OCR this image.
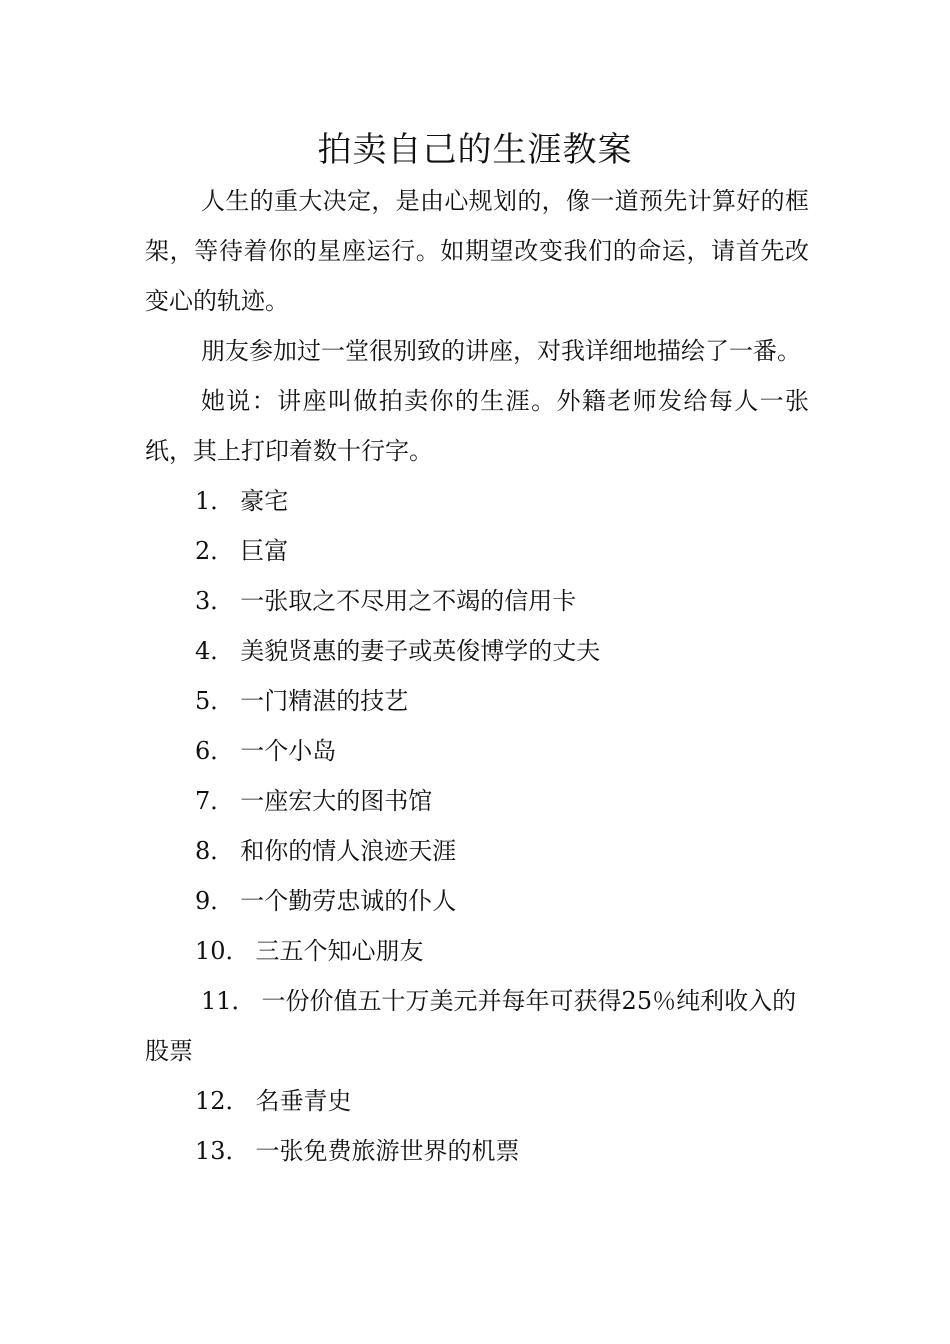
拍卖自己的生涯教案

人生的重大决定，是由心规划的，像一道预先计算好的框架，等待着你的星座运行。如期望改变我们的命运，请首先改变心的轨迹。

朋友参加过一堂很别致的讲座，对我详细地描绘了一番。

她说：讲座叫做拍卖你的生涯。外籍老师发给每人一张纸，其上打印着数十行字。

1． 豪宅
2． 巨富
3． 一张取之不尽用之不竭的信用卡
4． 美貌贤惠的妻子或英俊博学的丈夫
5． 一门精湛的技艺
6． 一个小岛
7． 一座宏大的图书馆
8． 和你的情人浪迹天涯
9． 一个勤劳忠诚的仆人
10． 三五个知心朋友
11． 一份价值五十万美元并每年可获得25％纯利收入的股票
12． 名垂青史
13． 一张免费旅游世界的机票
